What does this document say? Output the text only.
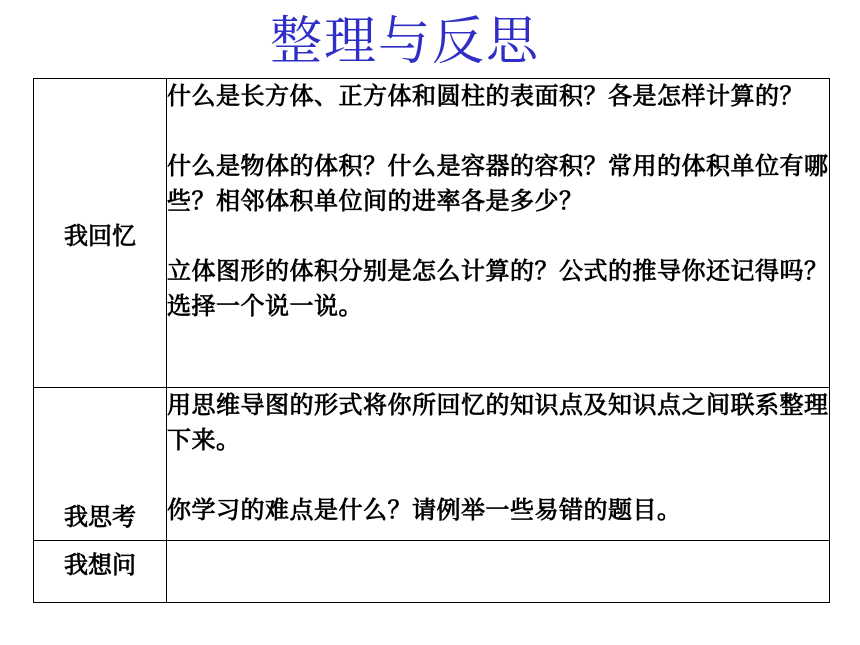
整理与反思
我回忆	什么是长方体、正方体和圆柱的表面积？各是怎样计算的？

什么是物体的体积？什么是容器的容积？常用的体积单位有哪些？相邻体积单位间的进率各是多少？

立体图形的体积分别是怎么计算的？公式的推导你还记得吗？选择一个说一说。

我思考	用思维导图的形式将你所回忆的知识点及知识点之间联系整理下来。

你学习的难点是什么？请例举一些易错的题目。

我想问	
